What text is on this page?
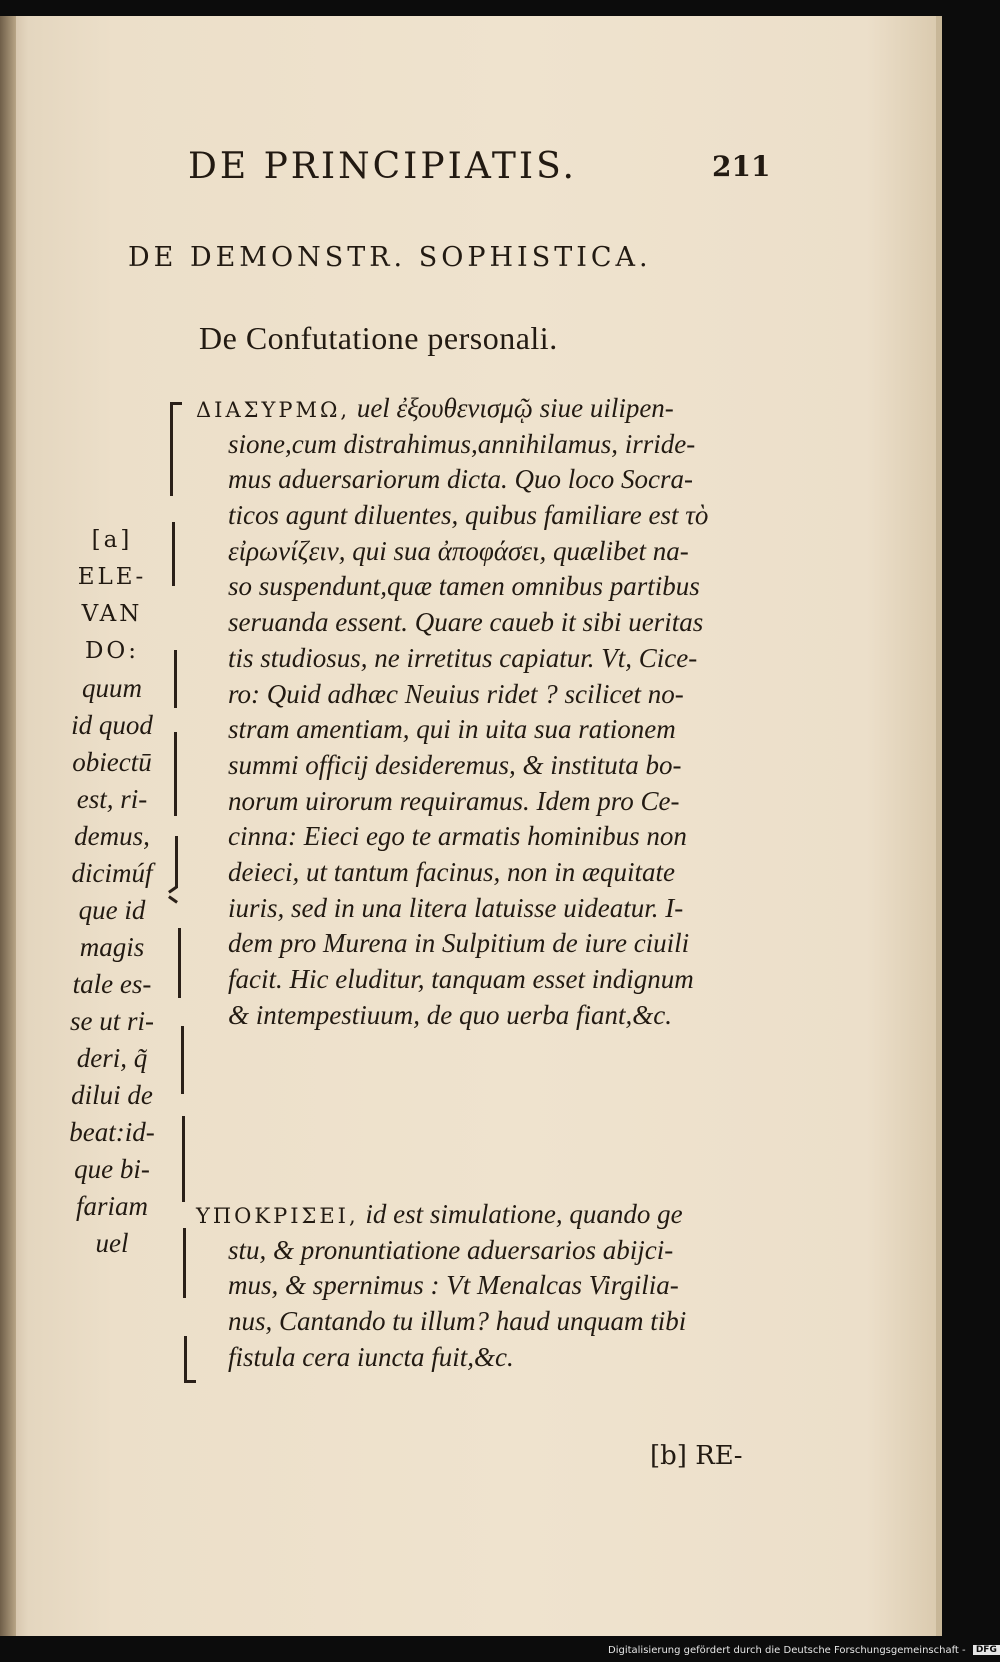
DE PRINCIPIATIS.	211
DE DEMONSTR. SOPHISTICA.
De Confutatione personali.
ΔΙΑΣΥΡΜΩ, uel ἐξουθενισμῷ siue uilipen‑
sione,cum distrahimus,annihilamus, irride‑
mus aduersariorum dicta. Quo loco Socra‑
ticos agunt diluentes, quibus familiare est τὸ
εἰρωνίζειν, qui sua ἀποφάσει, quælibet na‑
so suspendunt,quæ tamen omnibus partibus
seruanda essent. Quare caueb it sibi ueritas
tis studiosus, ne irretitus capiatur. Vt, Cice‑
ro: Quid adhæc Neuius ridet ? scilicet no‑
stram amentiam, qui in uita sua rationem
summi officij desideremus, & instituta bo‑
norum uirorum requiramus. Idem pro Ce‑
cinna: Eieci ego te armatis hominibus non
deieci, ut tantum facinus, non in æquitate
iuris, sed in una litera latuisse uideatur. I‑
dem pro Murena in Sulpitium de iure ciuili
facit. Hic eluditur, tanquam esset indignum
& intempestiuum, de quo uerba fiant,&c.
ΥΠΟΚΡΙΣΕΙ, id est simulatione, quando ge
stu, & pronuntiatione aduersarios abijci‑
mus, & spernimus : Vt Menalcas Virgilia‑
nus, Cantando tu illum? haud unquam tibi
fistula cera iuncta fuit,&c.
[a]
ELE‑
VAN
DO:
quum
id quod
obiectū
est, ri‑
demus,
dicimúf
que id
magis
tale es‑
se ut ri‑
deri, q̃
dilui de
beat:id‑
que bi‑
fariam
uel
[b] RE‑
Digitalisierung gefördert durch die Deutsche Forschungsgemeinschaft - DFG
